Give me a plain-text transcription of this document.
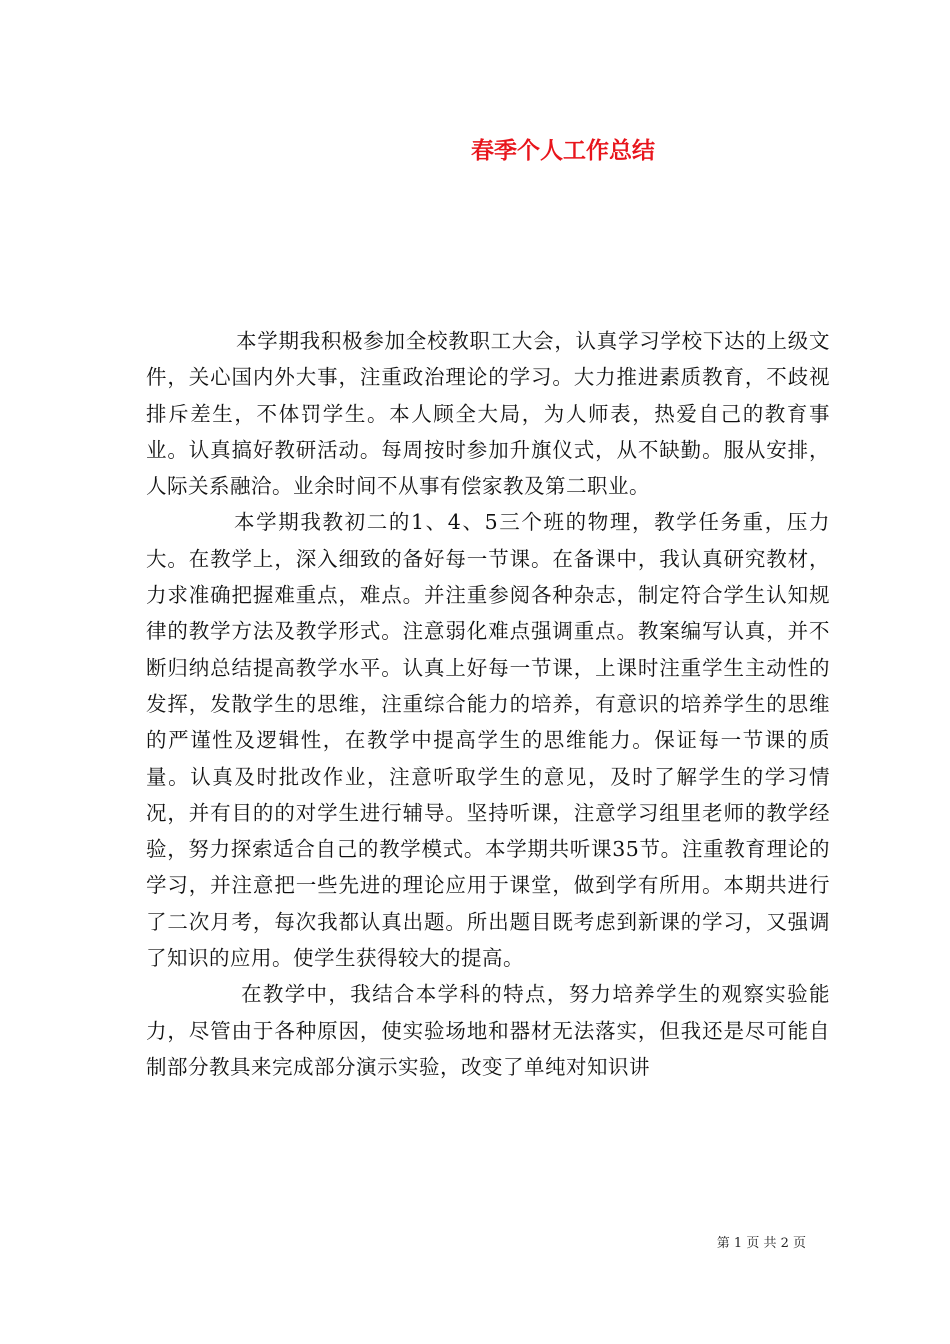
春季个人工作总结

本学期我积极参加全校教职工大会，认真学习学校下达的上级文件，关心国内外大事，注重政治理论的学习。大力推进素质教育，不歧视排斥差生，不体罚学生。本人顾全大局，为人师表，热爱自己的教育事业。认真搞好教研活动。每周按时参加升旗仪式，从不缺勤。服从安排，人际关系融洽。业余时间不从事有偿家教及第二职业。

本学期我教初二的1、4、5三个班的物理，教学任务重，压力大。在教学上，深入细致的备好每一节课。在备课中，我认真研究教材，力求准确把握难重点，难点。并注重参阅各种杂志，制定符合学生认知规律的教学方法及教学形式。注意弱化难点强调重点。教案编写认真，并不断归纳总结提高教学水平。认真上好每一节课，上课时注重学生主动性的发挥，发散学生的思维，注重综合能力的培养，有意识的培养学生的思维的严谨性及逻辑性，在教学中提高学生的思维能力。保证每一节课的质量。认真及时批改作业，注意听取学生的意见，及时了解学生的学习情况，并有目的的对学生进行辅导。坚持听课，注意学习组里老师的教学经验，努力探索适合自己的教学模式。本学期共听课35节。注重教育理论的学习，并注意把一些先进的理论应用于课堂，做到学有所用。本期共进行了二次月考，每次我都认真出题。所出题目既考虑到新课的学习，又强调了知识的应用。使学生获得较大的提高。

在教学中，我结合本学科的特点，努力培养学生的观察实验能力，尽管由于各种原因，使实验场地和器材无法落实，但我还是尽可能自制部分教具来完成部分演示实验，改变了单纯对知识讲

第 1 页 共 2 页
